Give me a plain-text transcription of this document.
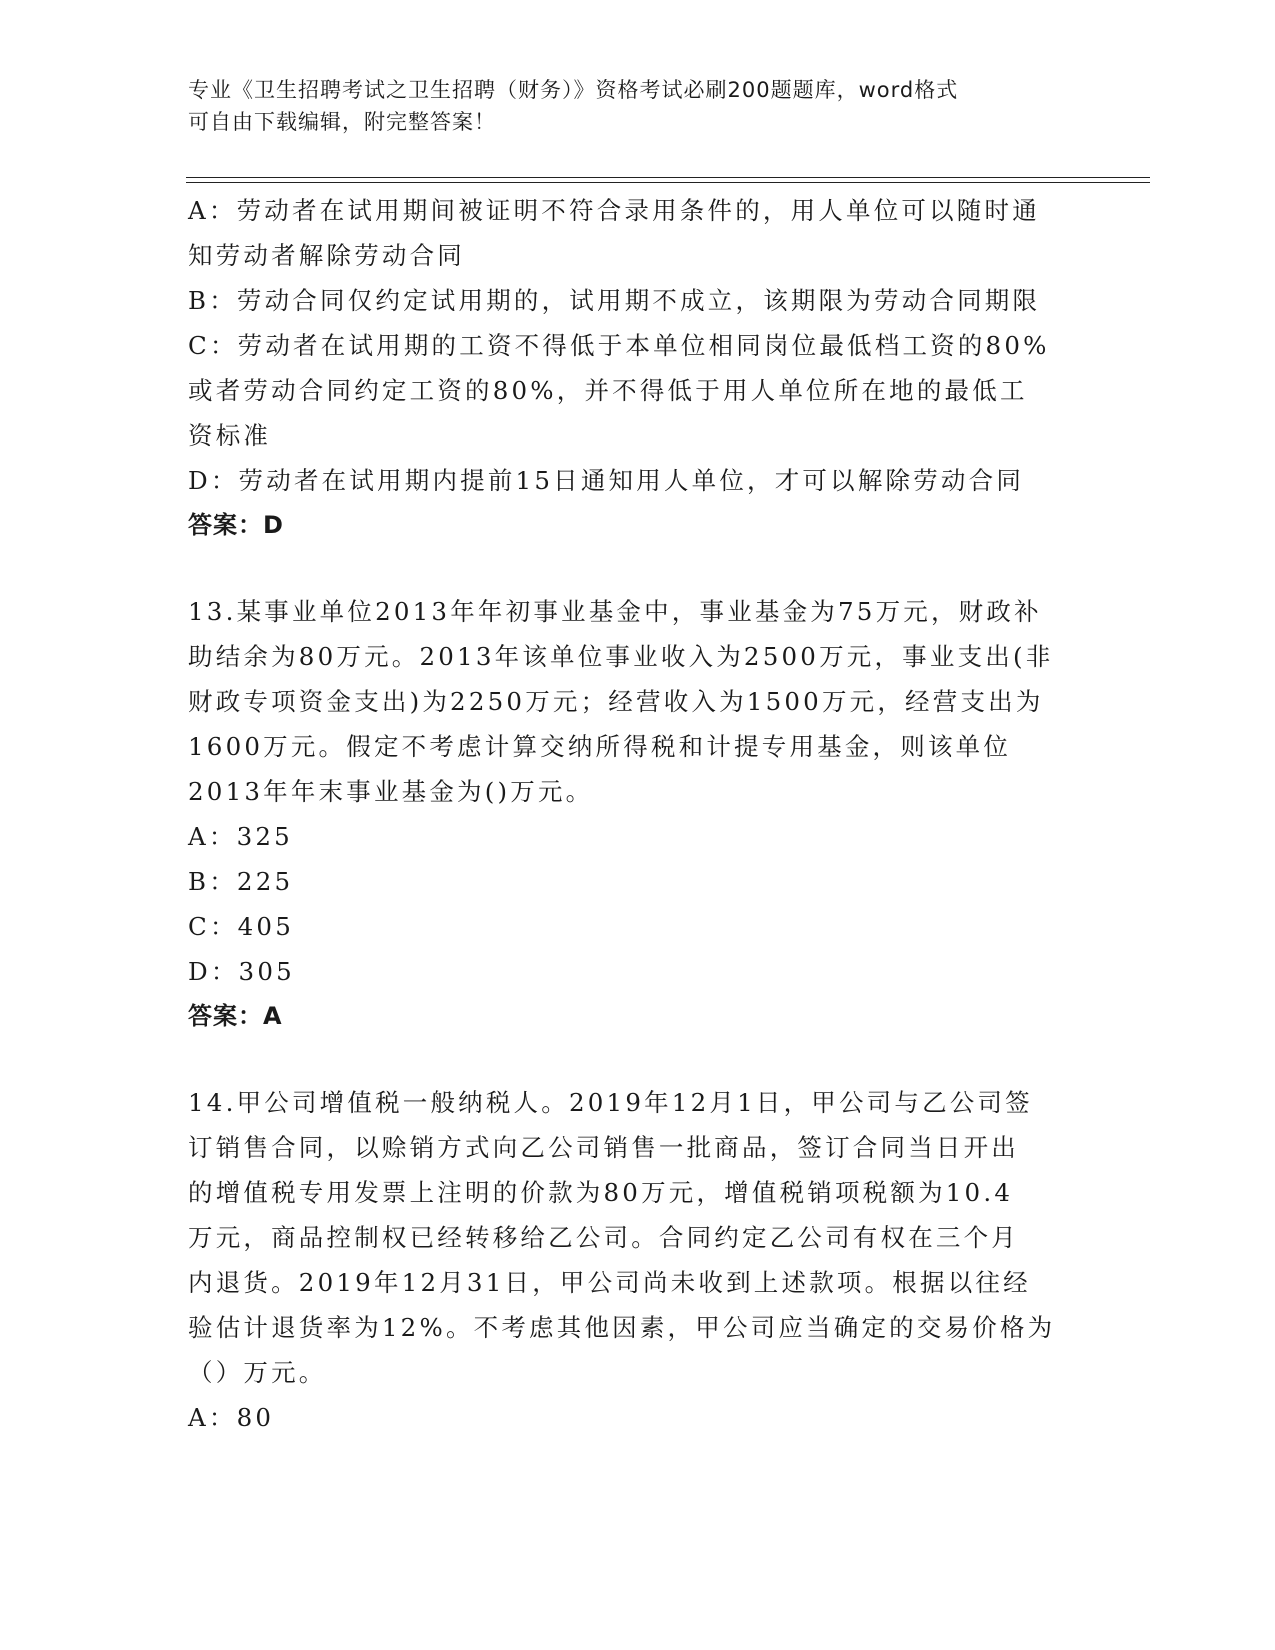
专业《卫生招聘考试之卫生招聘（财务）》资格考试必刷200题题库，word格式
可自由下载编辑，附完整答案！
A：劳动者在试用期间被证明不符合录用条件的，用人单位可以随时通
知劳动者解除劳动合同
B：劳动合同仅约定试用期的，试用期不成立，该期限为劳动合同期限
C：劳动者在试用期的工资不得低于本单位相同岗位最低档工资的80%
或者劳动合同约定工资的80%，并不得低于用人单位所在地的最低工
资标准
D：劳动者在试用期内提前15日通知用人单位，才可以解除劳动合同
答案：D
13.某事业单位2013年年初事业基金中，事业基金为75万元，财政补
助结余为80万元。2013年该单位事业收入为2500万元，事业支出(非
财政专项资金支出)为2250万元；经营收入为1500万元，经营支出为
1600万元。假定不考虑计算交纳所得税和计提专用基金，则该单位
2013年年末事业基金为()万元。
A：325
B：225
C：405
D：305
答案：A
14.甲公司增值税一般纳税人。2019年12月1日，甲公司与乙公司签
订销售合同，以赊销方式向乙公司销售一批商品，签订合同当日开出
的增值税专用发票上注明的价款为80万元，增值税销项税额为10.4
万元，商品控制权已经转移给乙公司。合同约定乙公司有权在三个月
内退货。2019年12月31日，甲公司尚未收到上述款项。根据以往经
验估计退货率为12%。不考虑其他因素，甲公司应当确定的交易价格为
（）万元。
A：80
